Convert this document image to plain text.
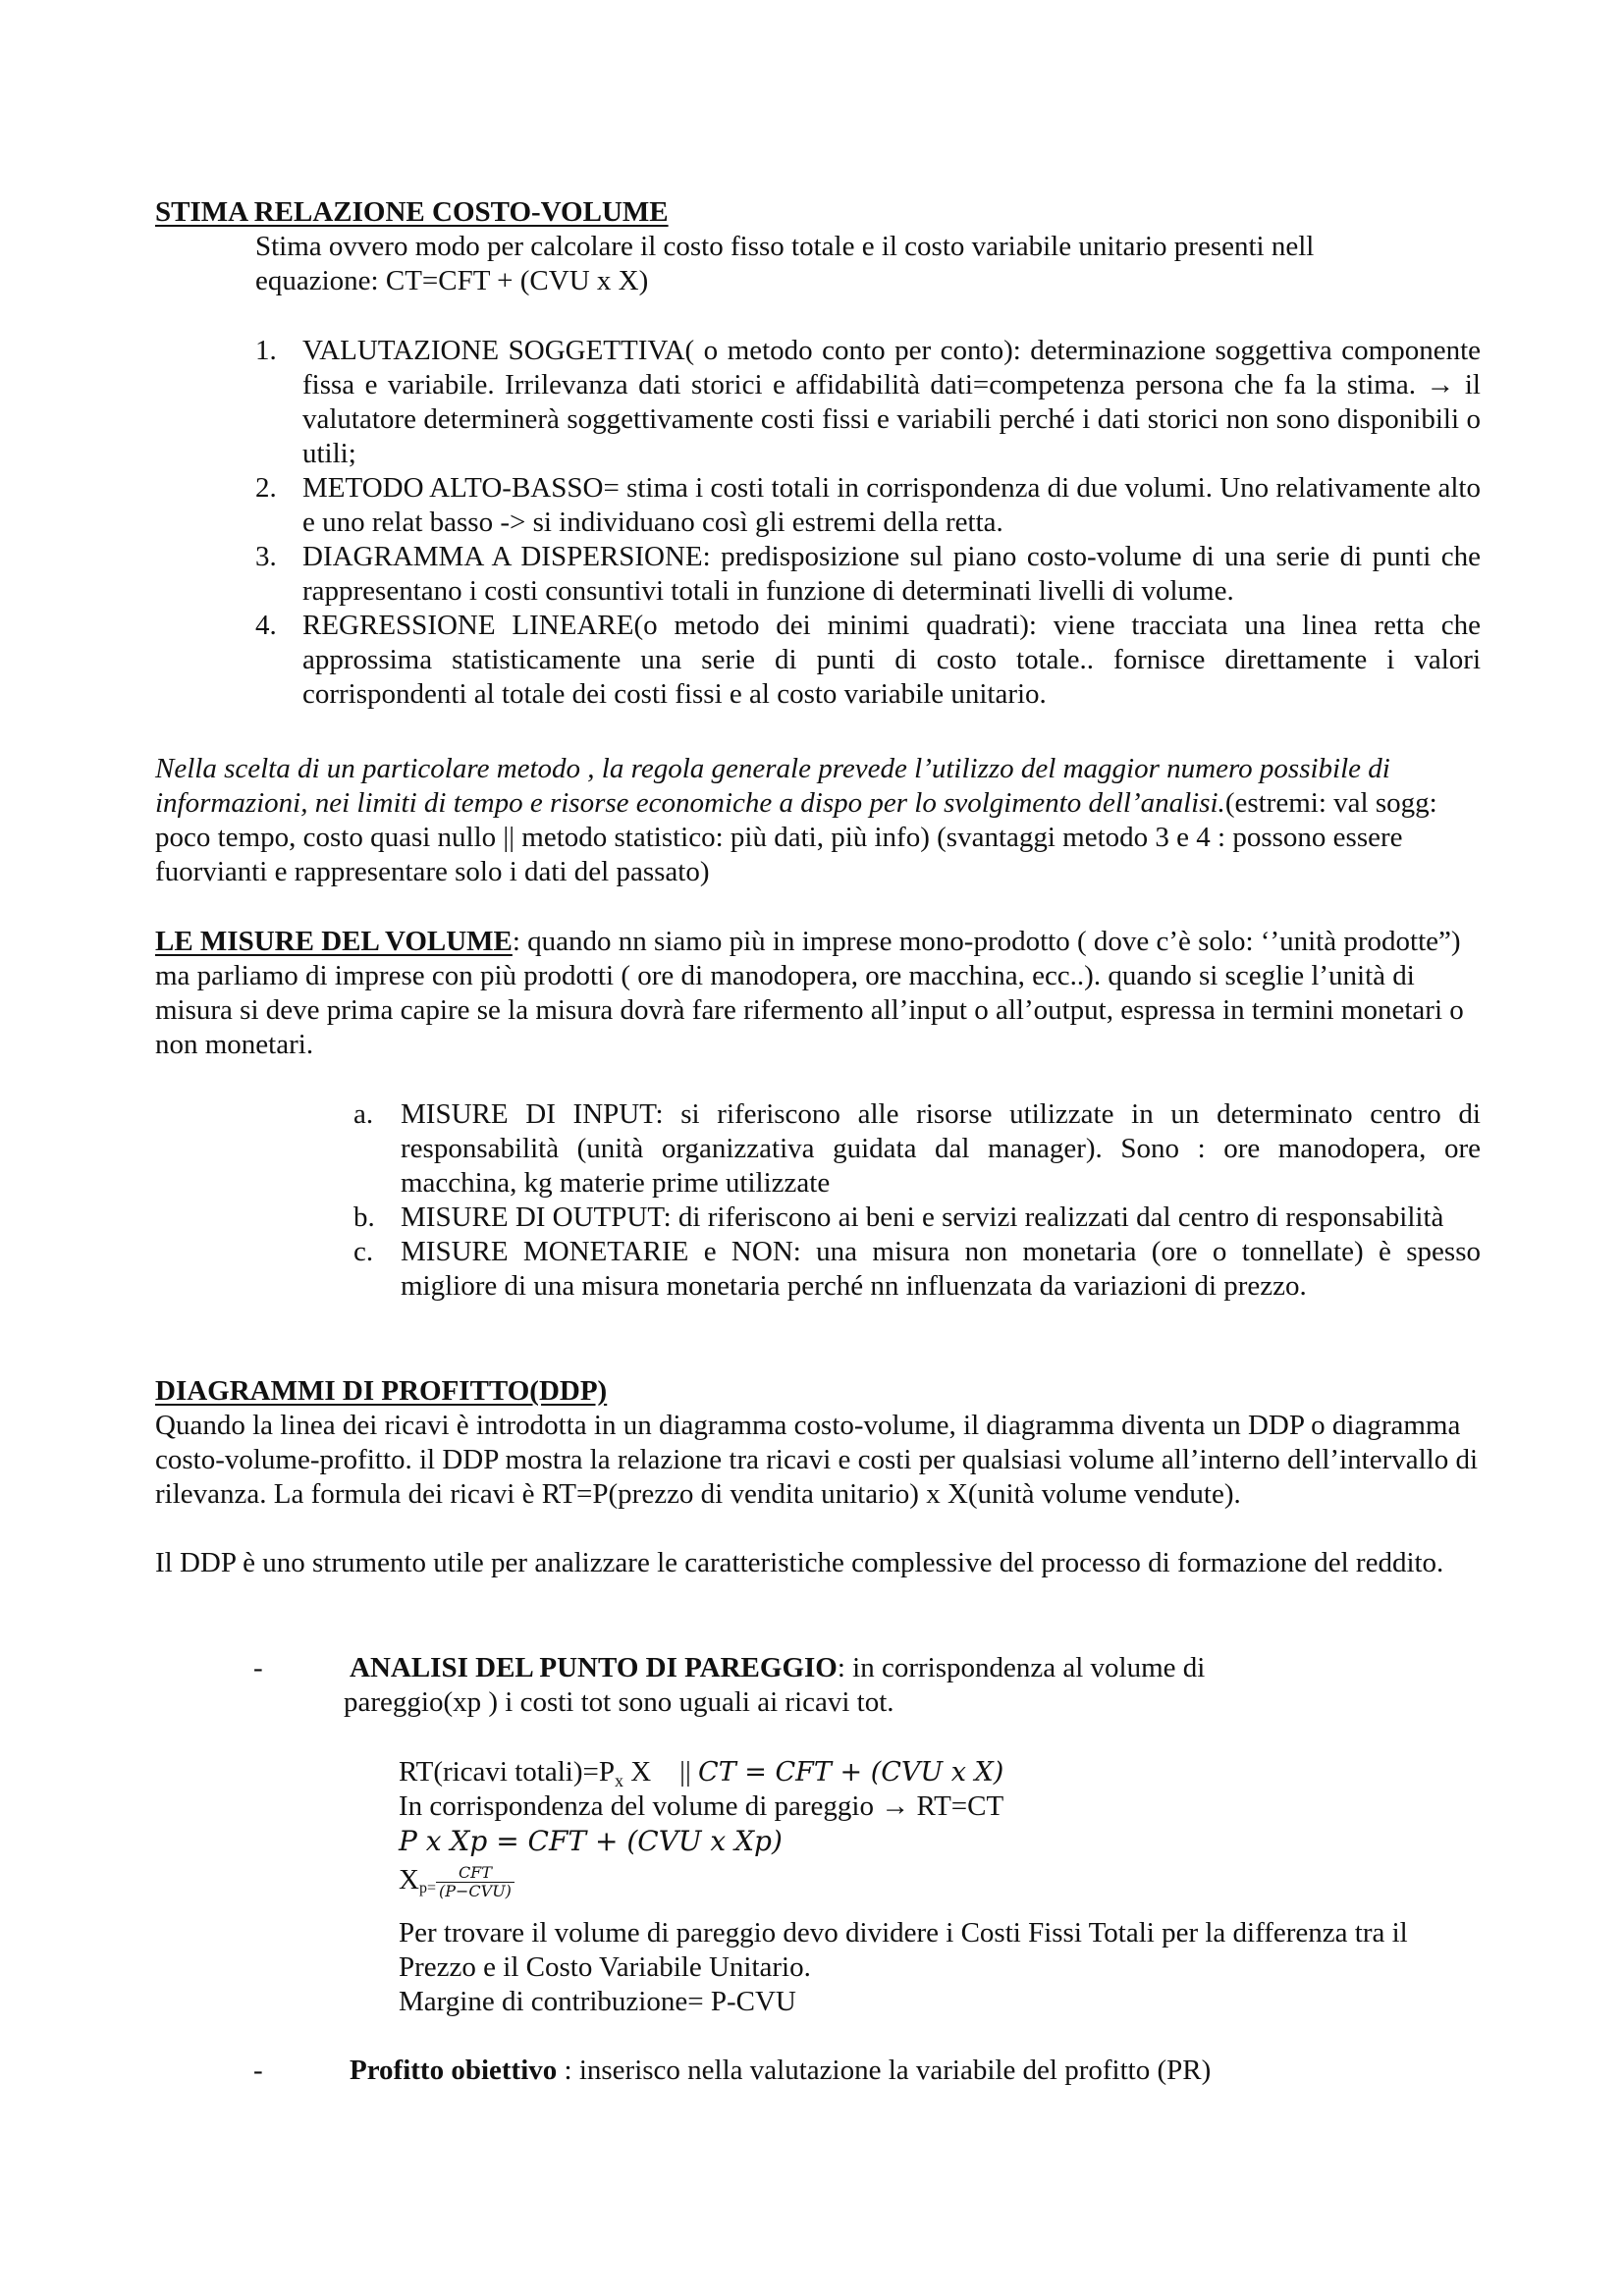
STIMA RELAZIONE COSTO-VOLUME
Stima ovvero modo per calcolare il costo fisso totale e il costo variabile unitario presenti nell
equazione: CT=CFT + (CVU x X)
1. VALUTAZIONE SOGGETTIVA( o metodo conto per conto): determinazione soggettiva componente fissa e variabile. Irrilevanza dati storici e affidabilità dati=competenza persona che fa la stima. → il valutatore determinerà soggettivamente costi fissi e variabili perché i dati storici non sono disponibili o utili;
2. METODO ALTO-BASSO= stima i costi totali in corrispondenza di due volumi. Uno relativamente alto e uno relat basso -> si individuano così gli estremi della retta.
3. DIAGRAMMA A DISPERSIONE: predisposizione sul piano costo-volume di una serie di punti che rappresentano i costi consuntivi totali in funzione di determinati livelli di volume.
4. REGRESSIONE LINEARE(o metodo dei minimi quadrati): viene tracciata una linea retta che approssima statisticamente una serie di punti di costo totale.. fornisce direttamente i valori corrispondenti al totale dei costi fissi e al costo variabile unitario.
Nella scelta di un particolare metodo , la regola generale prevede l’utilizzo del maggior numero possibile di informazioni, nei limiti di tempo e risorse economiche a dispo per lo svolgimento dell’analisi.(estremi: val sogg: poco tempo, costo quasi nullo || metodo statistico: più dati, più info) (svantaggi metodo 3 e 4 : possono essere fuorvianti e rappresentare solo i dati del passato)
LE MISURE DEL VOLUME: quando nn siamo più in imprese mono-prodotto ( dove c’è solo: ‘’unità prodotte”) ma parliamo di imprese con più prodotti ( ore di manodopera, ore macchina, ecc..). quando si sceglie l’unità di misura si deve prima capire se la misura dovrà fare rifermento all’input o all’output, espressa in termini monetari o non monetari.
a. MISURE DI INPUT: si riferiscono alle risorse utilizzate in un determinato centro di responsabilità (unità organizzativa guidata dal manager). Sono : ore manodopera, ore macchina, kg materie prime utilizzate
b. MISURE DI OUTPUT: di riferiscono ai beni e servizi realizzati dal centro di responsabilità
c. MISURE MONETARIE e NON: una misura non monetaria (ore o tonnellate) è spesso migliore di una misura monetaria perché nn influenzata da variazioni di prezzo.
DIAGRAMMI DI PROFITTO(DDP)
Quando la linea dei ricavi è introdotta in un diagramma costo-volume, il diagramma diventa un DDP o diagramma costo-volume-profitto. il DDP mostra la relazione tra ricavi e costi per qualsiasi volume all’interno dell’intervallo di rilevanza. La formula dei ricavi è RT=P(prezzo di vendita unitario) x X(unità volume vendute).
Il DDP è uno strumento utile per analizzare le caratteristiche complessive del processo di formazione del reddito.
-	ANALISI DEL PUNTO DI PAREGGIO: in corrispondenza al volume di
pareggio(xp ) i costi tot sono uguali ai ricavi tot.
RT(ricavi $totali)=P_x$ X    || CT = CFT + (CVU x X)
In corrispondenza del volume di pareggio → RT=CT
P x Xp = CFT + (CVU x Xp)
$X_{p=} \frac{\text{CFT}}{\text{(P−CVU)}}$
Per trovare il volume di pareggio devo dividere i Costi Fissi Totali per la differenza tra il Prezzo e il Costo Variabile Unitario.
Margine di contribuzione= P-CVU
-	Profitto obiettivo : inserisco nella valutazione la variabile del profitto (PR)
